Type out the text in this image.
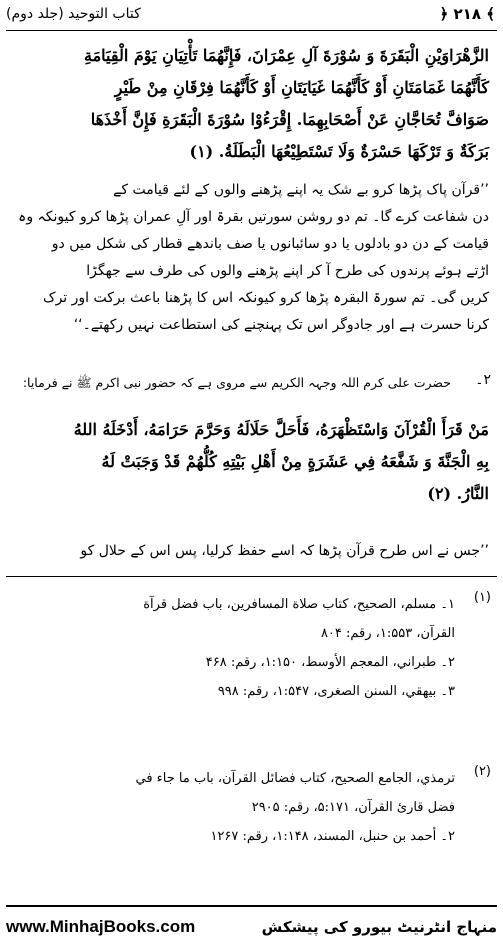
﴾ ۲۱۸ ﴿
کتاب التوحید (جلد دوم)
الزَّهْرَاوَيْنِ الْبَقَرَةَ وَ سُوْرَةَ آلِ عِمْرَانَ، فَإِنَّهُمَا تَأْتِيَانِ يَوْمَ الْقِيَامَةِ
كَأَنَّهُمَا غَمَامَتَانِ أَوْ كَأَنَّهُمَا غَيَايَتَانِ أَوْ كَأَنَّهُمَا فِرْقَانِ مِنْ طَيْرٍ
صَوَافَّ تُحَاجَّانِ عَنْ أَصْحَابِهِمَا. إِقْرَءُوْا سُوْرَةَ الْبَقَرَةِ فَإِنَّ أَخْذَهَا
بَرَكَةٌ وَ تَرْكَهَا حَسْرَةٌ وَلَا تَسْتَطِيْعُهَا الْبَطَلَةُ. (۱)
’’قرآن پاک پڑھا کرو بے شک یہ اپنے پڑھنے والوں کے لئے قیامت کے
دن شفاعت کرے گا۔ تم دو روشن سورتیں بقرۃ اور آلِ عمران پڑھا کرو کیونکہ وہ
قیامت کے دن دو بادلوں یا دو سائبانوں یا صف باندھے قطار کی شکل میں دو
اڑتے ہوئے پرندوں کی طرح آ کر اپنے پڑھنے والوں کی طرف سے جھگڑا
کریں گی۔ تم سورۃ البقرہ پڑھا کرو کیونکہ اس کا پڑھنا باعث برکت اور ترک
کرنا حسرت ہے اور جادوگر اس تک پہنچنے کی استطاعت نہیں رکھتے۔‘‘
۲۔
حضرت علی کرم اللہ وجہہ الکریم سے مروی ہے کہ حضور نبی اکرم ﷺ نے فرمایا:
مَنْ قَرَأَ الْقُرْآنَ وَاسْتَظْهَرَهُ، فَأَحَلَّ حَلَالَهُ وَحَرَّمَ حَرَامَهُ، أَدْخَلَهُ اللهُ
بِهِ الْجَنَّةَ وَ شَفَّعَهُ فِي عَشَرَةٍ مِنْ أَهْلِ بَيْتِهِ كُلُّهُمْ قَدْ وَجَبَتْ لَهُ
النَّارُ. (۲)
’’جس نے اس طرح قرآن پڑھا کہ اسے حفظ کرلیا، پس اس کے حلال کو
(۱)
۱۔ مسلم، الصحيح، كتاب صلاة المسافرين، باب فضل قرآة
القرآن، ۱:۵۵۳، رقم: ۸۰۴
۲۔ طبراني، المعجم الأوسط، ۱:۱۵۰، رقم: ۴۶۸
۳۔ بيهقي، السنن الصغرى، ۱:۵۴۷، رقم: ۹۹۸
(۲)
ترمذي، الجامع الصحيح، كتاب فضائل القرآن، باب ما جاء في
فضل قارئ القرآن، ۵:۱۷۱، رقم: ۲۹۰۵
۲۔ أحمد بن حنبل، المسند، ۱:۱۴۸، رقم: ۱۲۶۷
www.MinhajBooks.com	منہاج انٹرنیٹ بیورو کی پیشکش
